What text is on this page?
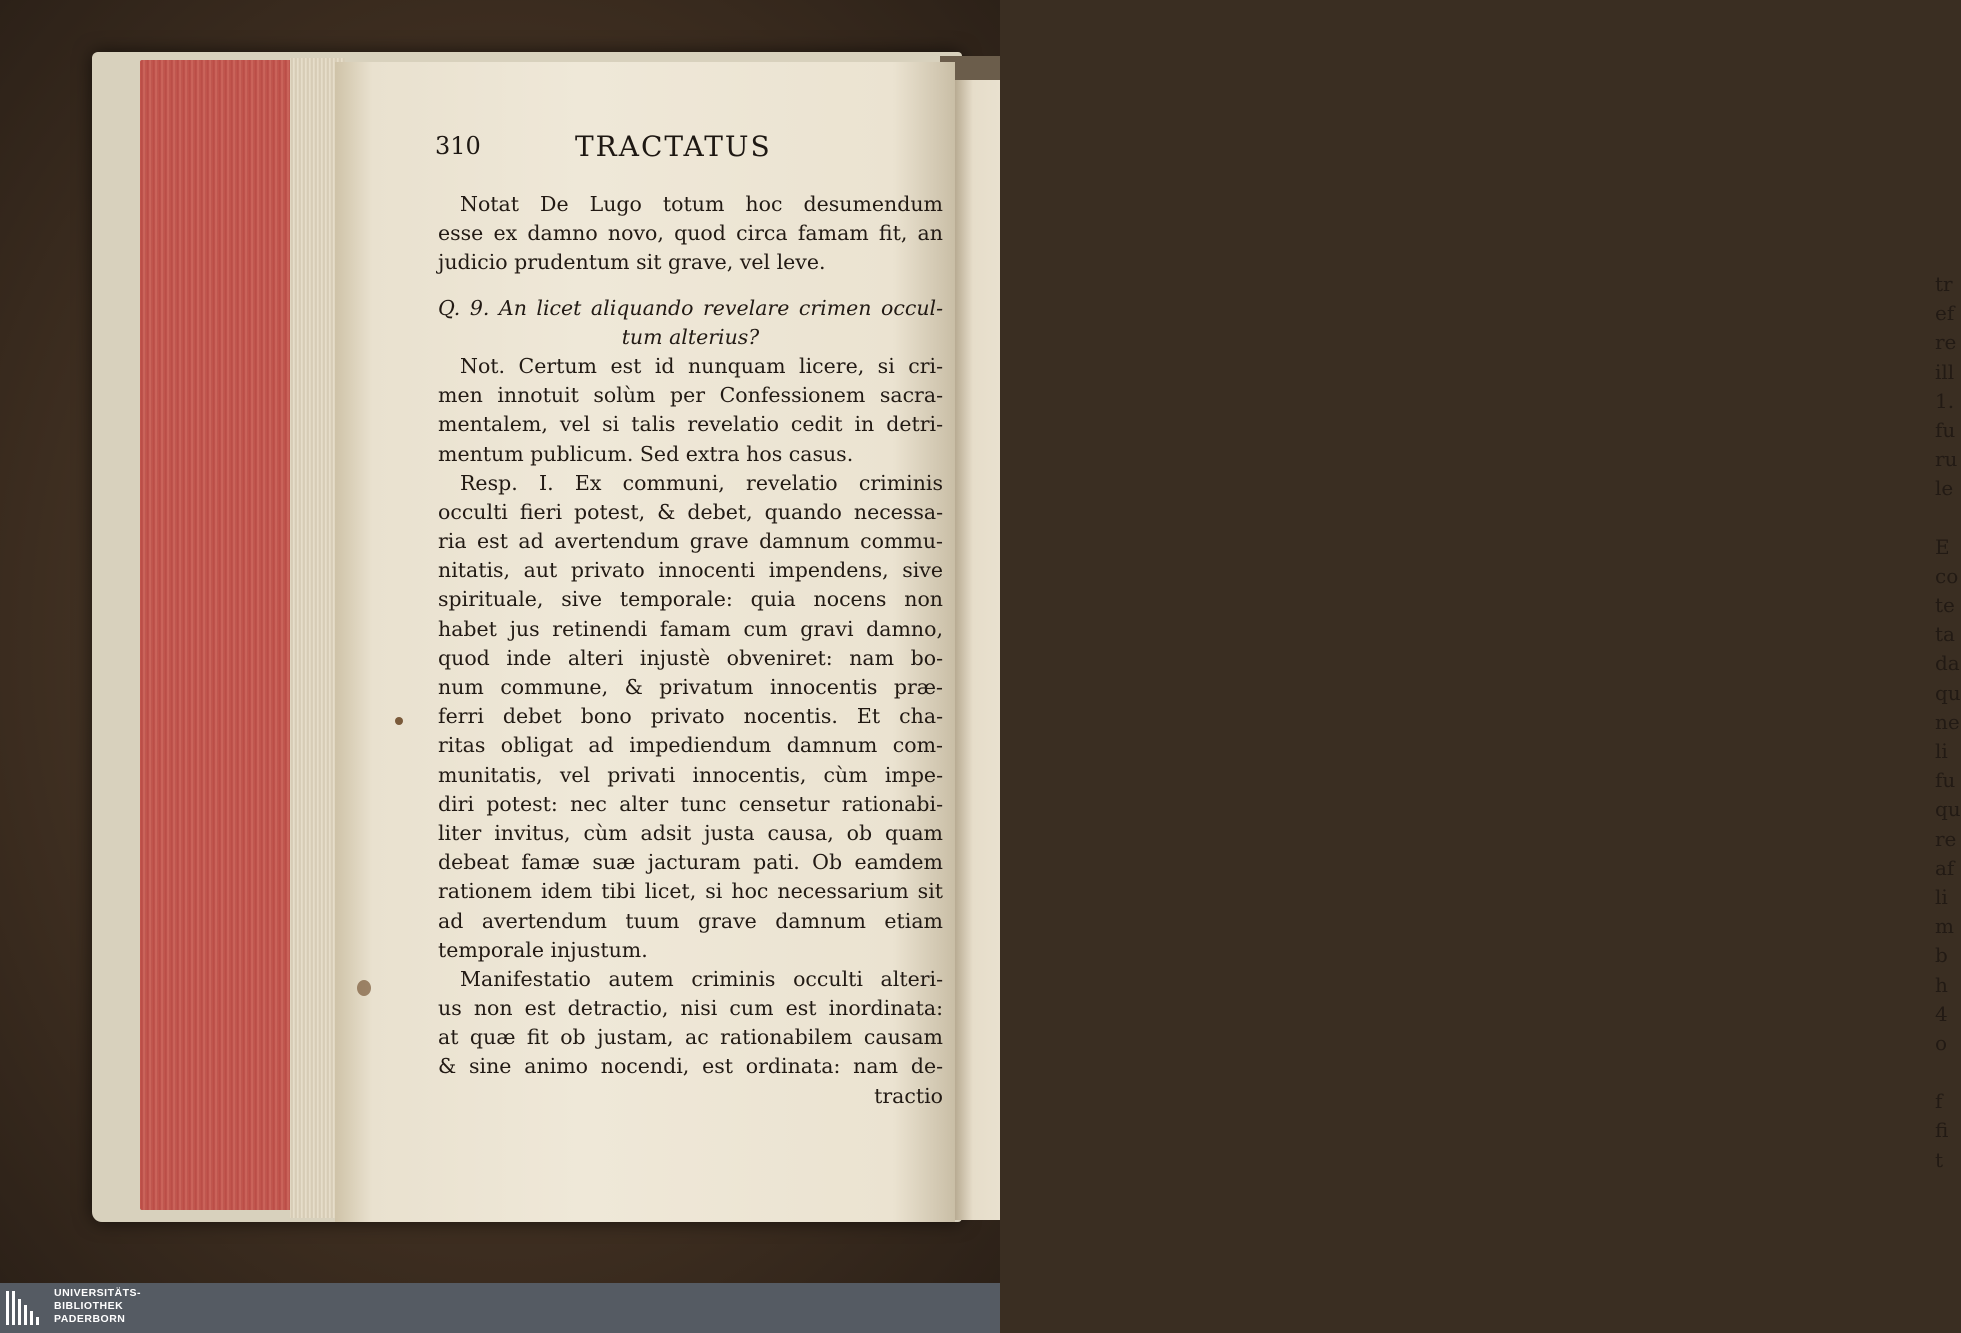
tr
ef
re
ill
1.
fu
ru
le
E
co
te
ta
da
qu
ne
li
fu
qu
re
af
li
m
b
h
4
o
f
fi
t
310	TRACTATUS
Notat De Lugo totum hoc desumendum
esse ex damno novo, quod circa famam fit, an
judicio prudentum sit grave, vel leve.
Q. 9. An licet aliquando revelare crimen occul-
tum alterius?
Not. Certum est id nunquam licere, si cri-
men innotuit solùm per Confessionem sacra-
mentalem, vel si talis revelatio cedit in detri-
mentum publicum. Sed extra hos casus.
Resp. I. Ex communi, revelatio criminis
occulti fieri potest, & debet, quando necessa-
ria est ad avertendum grave damnum commu-
nitatis, aut privato innocenti impendens, sive
spirituale, sive temporale: quia nocens non
habet jus retinendi famam cum gravi damno,
quod inde alteri injustè obveniret: nam bo-
num commune, & privatum innocentis præ-
ferri debet bono privato nocentis. Et cha-
ritas obligat ad impediendum damnum com-
munitatis, vel privati innocentis, cùm impe-
diri potest: nec alter tunc censetur rationabi-
liter invitus, cùm adsit justa causa, ob quam
debeat famæ suæ jacturam pati. Ob eamdem
rationem idem tibi licet, si hoc necessarium sit
ad avertendum tuum grave damnum etiam
temporale injustum.
Manifestatio autem criminis occulti alteri-
us non est detractio, nisi cum est inordinata:
at quæ fit ob justam, ac rationabilem causam
& sine animo nocendi, est ordinata: nam de-
tractio
UNIVERSITÄTS-
BIBLIOTHEK
PADERBORN
